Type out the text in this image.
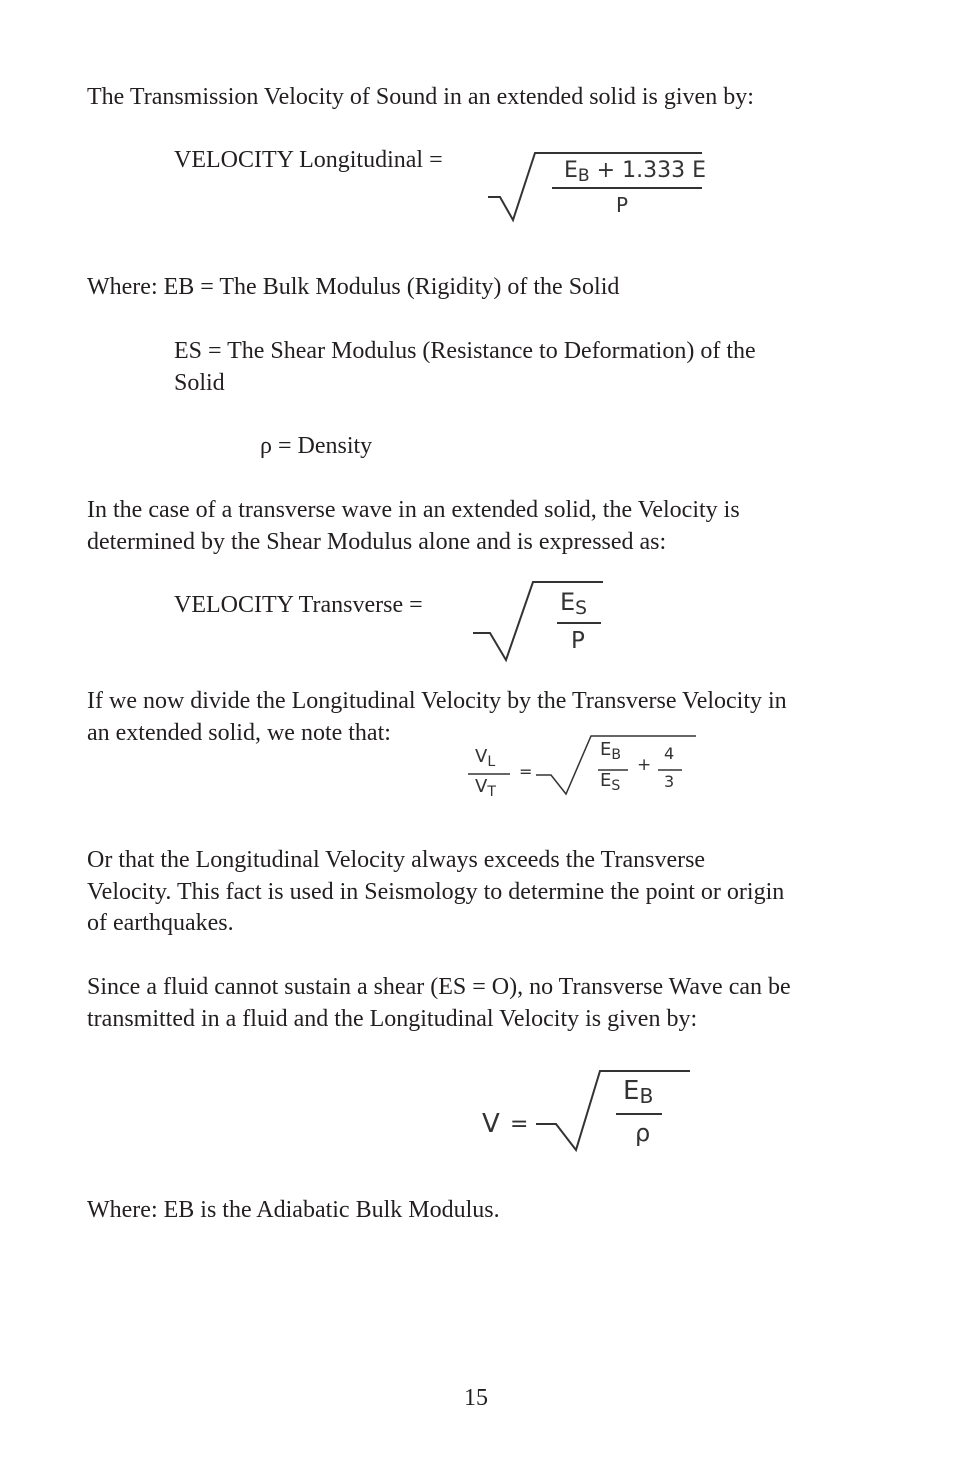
The Transmission Velocity of Sound in an extended solid is given by:

VELOCITY Longitudinal =	EB + 1.333 E
P

Where: EB = The Bulk Modulus (Rigidity) of the Solid

ES = The Shear Modulus (Resistance to Deformation) of the

Solid

ρ = Density

In the case of a transverse wave in an extended solid, the Velocity is

determined by the Shear Modulus alone and is expressed as:

VELOCITY Transverse =	ES
P

If we now divide the Longitudinal Velocity by the Transverse Velocity in

an extended solid, we note that:

$V_L$
$V_T$
=
$E_B$
$E_S$
+
4
3

Or that the Longitudinal Velocity always exceeds the Transverse

Velocity. This fact is used in Seismology to determine the point or origin

of earthquakes.

Since a fluid cannot sustain a shear (ES = O), no Transverse Wave can be

transmitted in a fluid and the Longitudinal Velocity is given by:

V =
EB
ρ

Where: EB is the Adiabatic Bulk Modulus.

15
